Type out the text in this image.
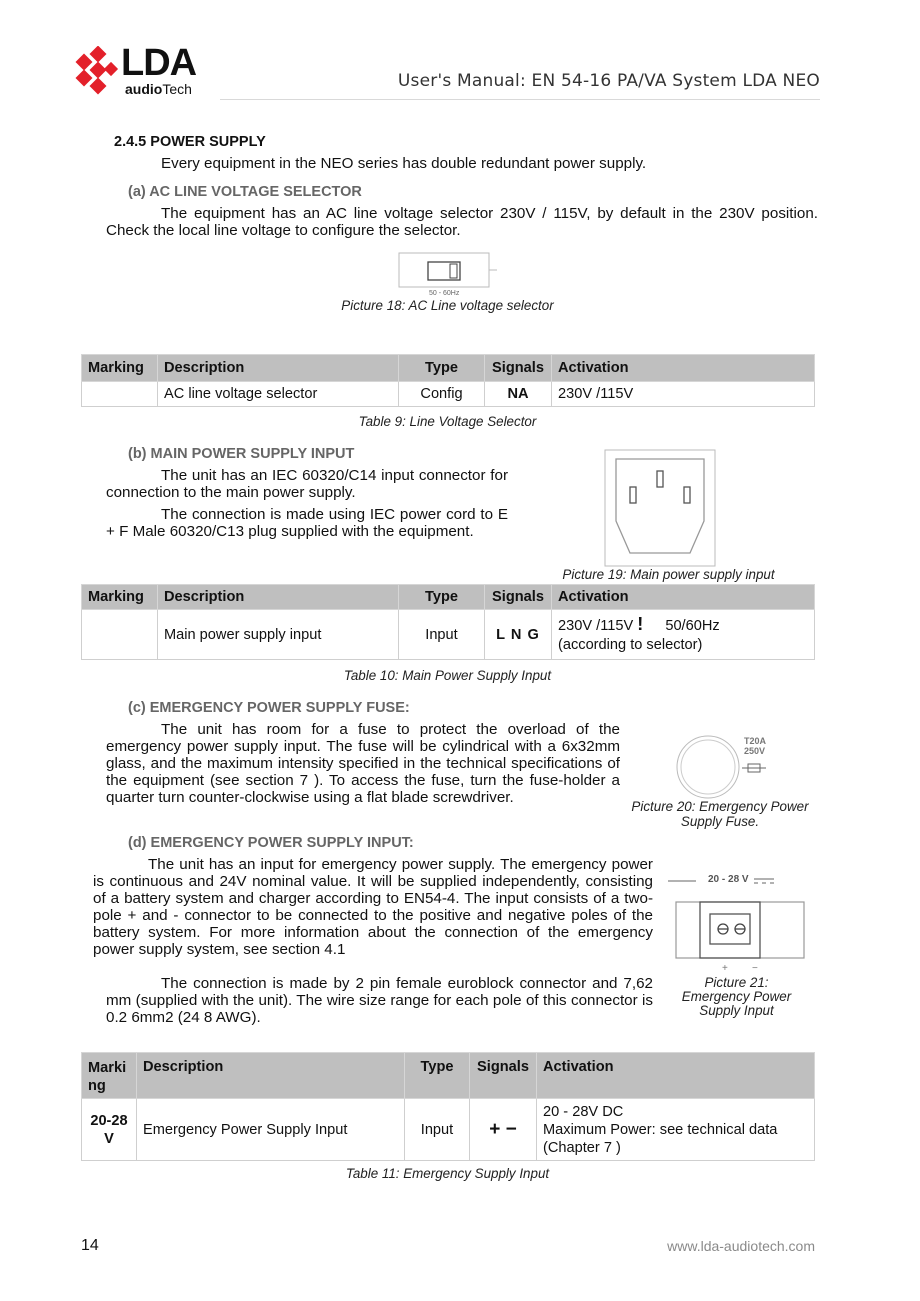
LDA
audioTech	User's Manual: EN 54-16 PA/VA System LDA NEO
2.4.5 POWER SUPPLY
Every equipment in the NEO series has double redundant power supply.
(a) AC LINE VOLTAGE SELECTOR
The equipment has an AC line voltage selector 230V / 115V, by default in the 230V position. Check the local line voltage to configure the selector.
50 - 60Hz
Picture 18: AC Line voltage selector
Marking	Description	Type	Signals	Activation
	AC line voltage selector	Config	NA	230V /115V
Table 9: Line Voltage Selector
(b) MAIN POWER SUPPLY INPUT
The unit has an IEC 60320/C14 input connector for connection to the main power supply.
The connection is made using IEC power cord to E + F Male 60320/C13 plug supplied with the equipment.
Picture 19: Main power supply input
Marking	Description	Type	Signals	Activation
	Main power supply input	Input	L N G	230V /115V ! 50/60Hz
(according to selector)
Table 10: Main Power Supply Input
(c) EMERGENCY POWER SUPPLY FUSE:
The unit has room for a fuse to protect the overload of the emergency power supply input. The fuse will be cylindrical with a 6x32mm glass, and the maximum intensity specified in the technical specifications of the equipment (see section 7 ). To access the fuse, turn the fuse-holder a quarter turn counter-clockwise using a flat blade screwdriver.
T20A
250V
Picture 20: Emergency Power Supply Fuse.
(d) EMERGENCY POWER SUPPLY INPUT:
The unit has an input for emergency power supply. The emergency power is continuous and 24V nominal value. It will be supplied independently, consisting of a battery system and charger according to EN54-4. The input consists of a two-pole + and - connector to be connected to the positive and negative poles of the battery system. For more information about the connection of the emergency power supply system, see section 4.1
The connection is made by 2 pin female euroblock connector and 7,62 mm (supplied with the unit). The wire size range for each pole of this connector is 0.2 6mm2 (24 8 AWG).
20 - 28 V
+ −
Picture 21: Emergency Power Supply Input
Marking	Description	Type	Signals	Activation
20-28V	Emergency Power Supply Input	Input	+ −	20 - 28V DC
Maximum Power: see technical data
(Chapter 7 )
Table 11: Emergency Supply Input
14	www.lda-audiotech.com
